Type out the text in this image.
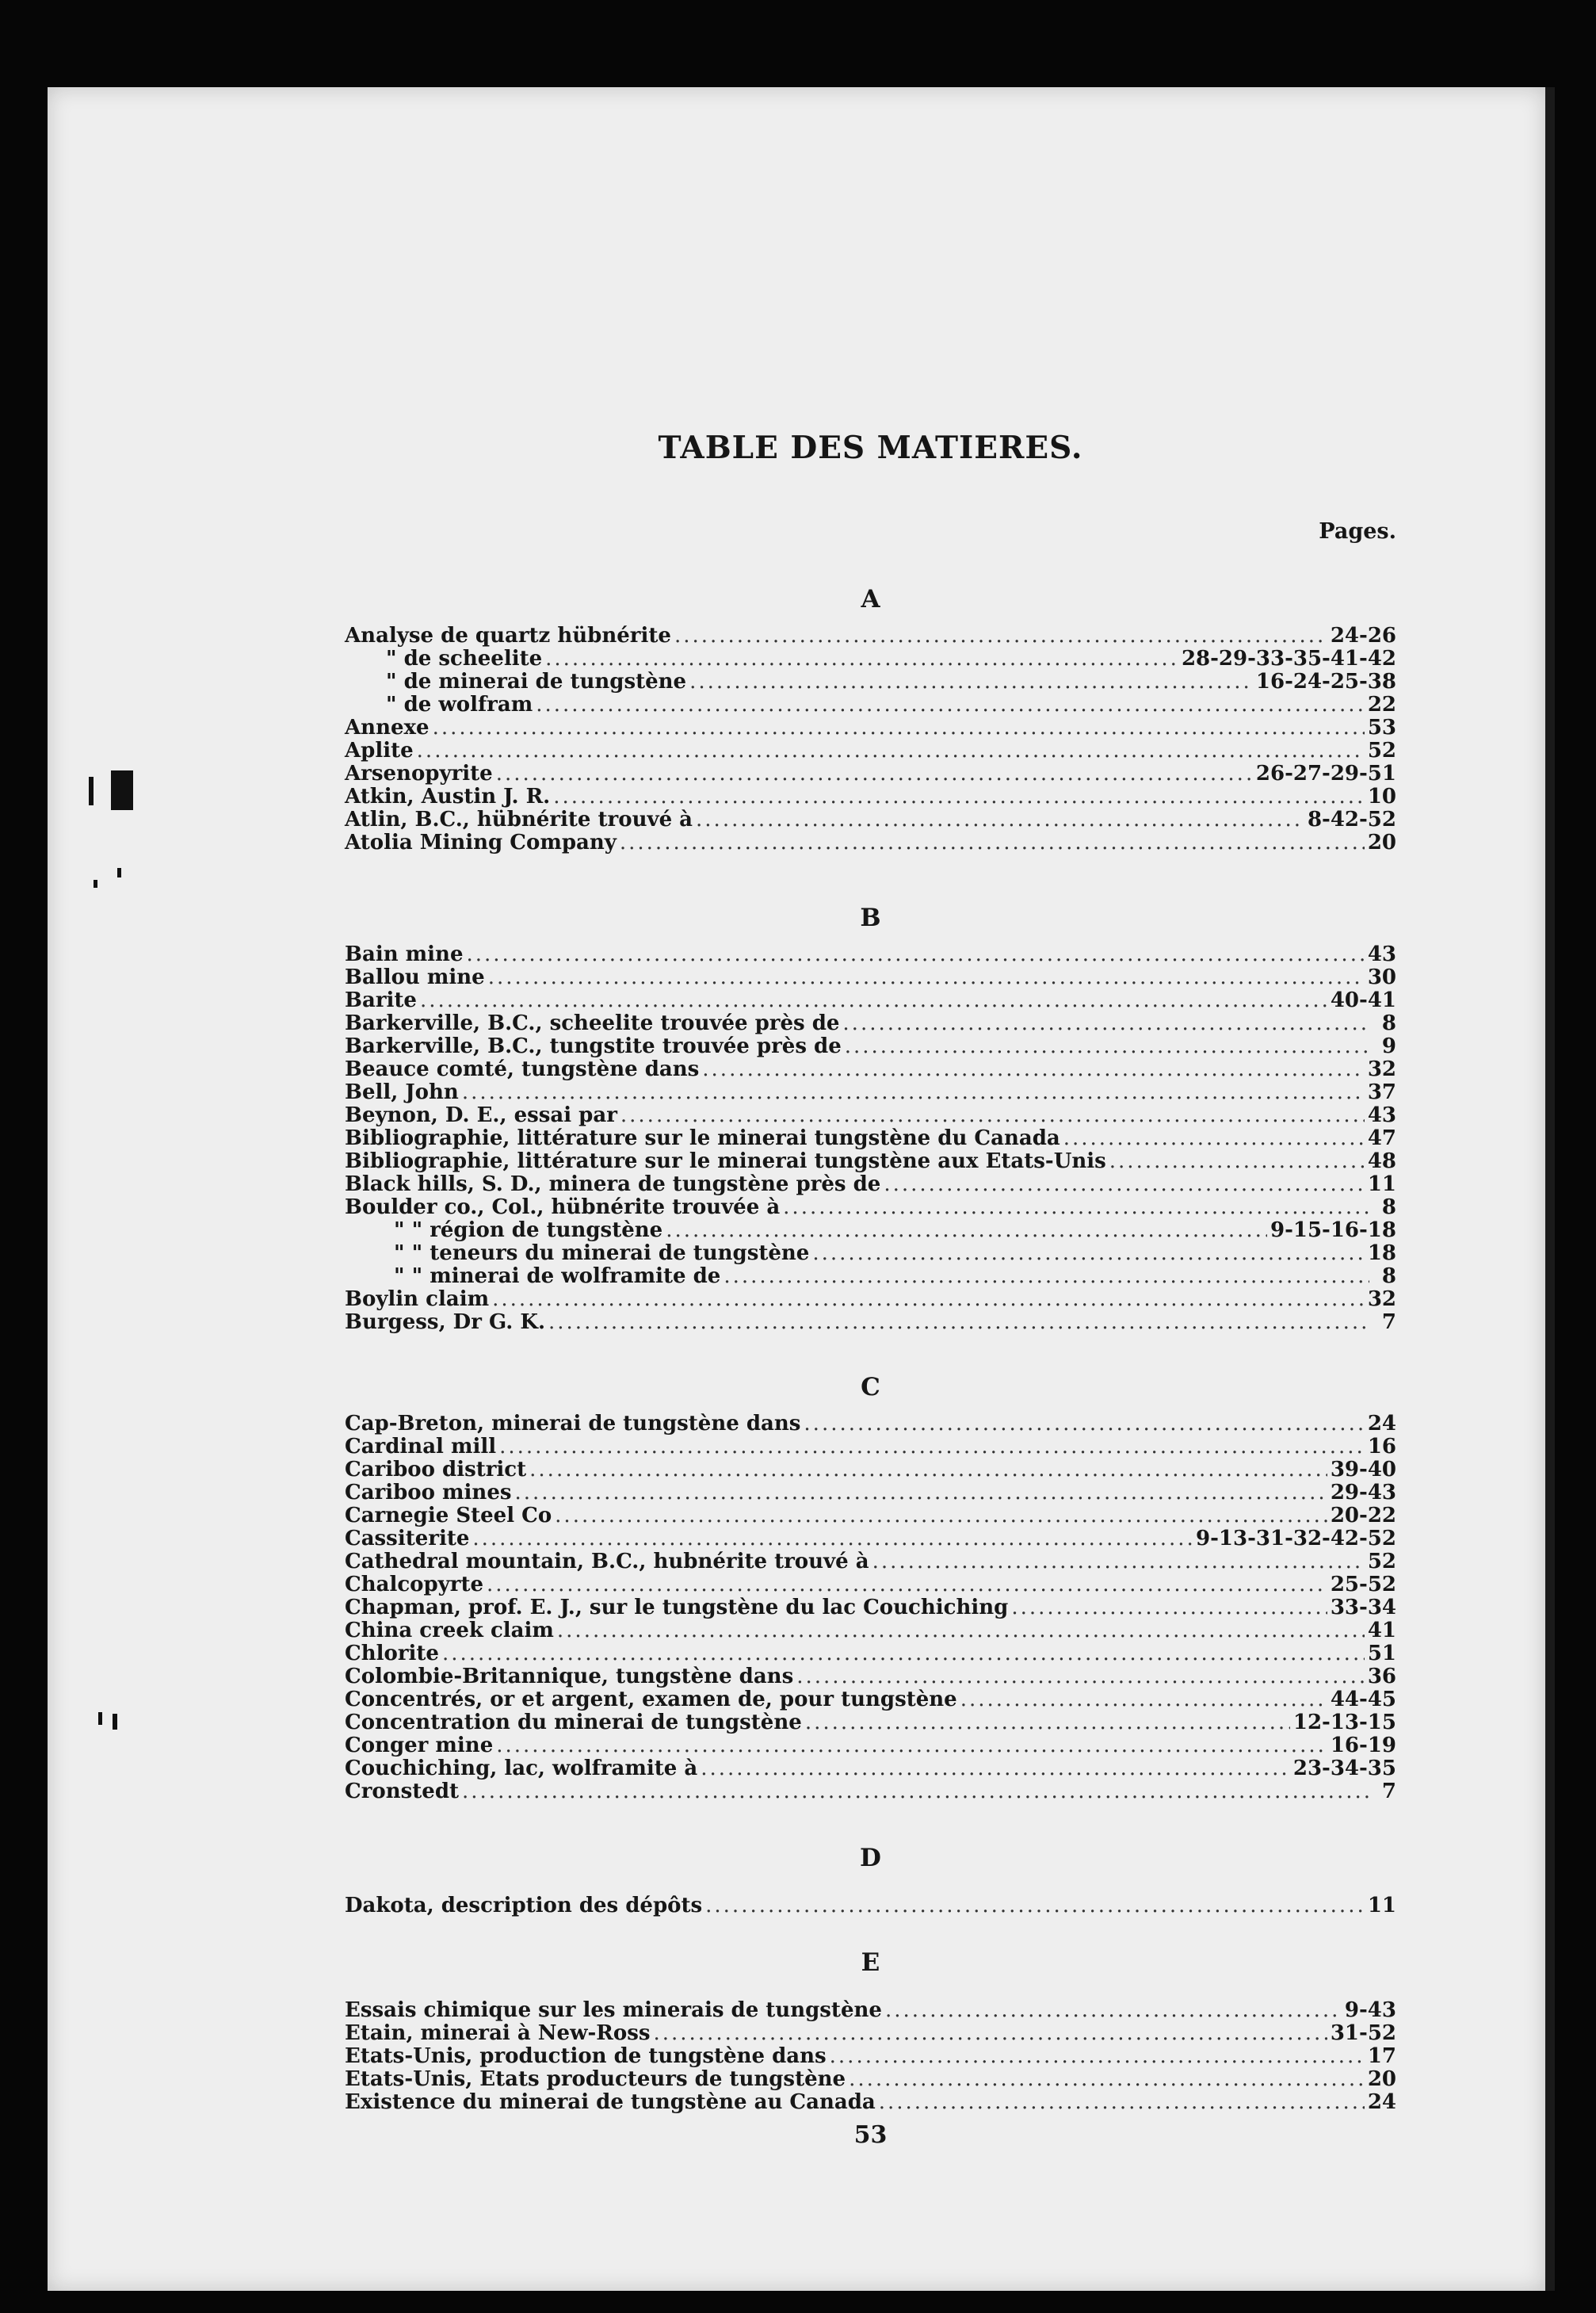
TABLE DES MATIERES.
Pages.
A
Analyse de quartz hübnérite .....	24-26
" de scheelite .....	28-29-33-35-41-42
" de minerai de tungstène .....	16-24-25-38
" de wolfram .....	22
Annexe .....	53
Aplite .....	52
Arsenopyrite .....	26-27-29-51
Atkin, Austin J. R. .....	10
Atlin, B.C., hübnérite trouvé à .....	8-42-52
Atolia Mining Company .....	20
B
Bain mine .....	43
Ballou mine .....	30
Barite .....	40-41
Barkerville, B.C., scheelite trouvée près de .....	8
Barkerville, B.C., tungstite trouvée près de .....	9
Beauce comté, tungstène dans .....	32
Bell, John .....	37
Beynon, D. E., essai par .....	43
Bibliographie, littérature sur le minerai tungstène du Canada .....	47
Bibliographie, littérature sur le minerai tungstène aux Etats-Unis .....	48
Black hills, S. D., minera de tungstène près de .....	11
Boulder co., Col., hübnérite trouvée à .....	8
" " région de tungstène .....	9-15-16-18
" " teneurs du minerai de tungstène .....	18
" " minerai de wolframite de .....	8
Boylin claim .....	32
Burgess, Dr G. K. .....	7
C
Cap-Breton, minerai de tungstène dans .....	24
Cardinal mill .....	16
Cariboo district .....	39-40
Cariboo mines .....	29-43
Carnegie Steel Co .....	20-22
Cassiterite .....	9-13-31-32-42-52
Cathedral mountain, B.C., hubnérite trouvé à .....	52
Chalcopyrte .....	25-52
Chapman, prof. E. J., sur le tungstène du lac Couchiching .....	33-34
China creek claim .....	41
Chlorite .....	51
Colombie-Britannique, tungstène dans .....	36
Concentrés, or et argent, examen de, pour tungstène .....	44-45
Concentration du minerai de tungstène .....	12-13-15
Conger mine .....	16-19
Couchiching, lac, wolframite à .....	23-34-35
Cronstedt .....	7
D
Dakota, description des dépôts .....	11
E
Essais chimique sur les minerais de tungstène .....	9-43
Etain, minerai à New-Ross .....	31-52
Etats-Unis, production de tungstène dans .....	17
Etats-Unis, Etats producteurs de tungstène .....	20
Existence du minerai de tungstène au Canada .....	24
53
